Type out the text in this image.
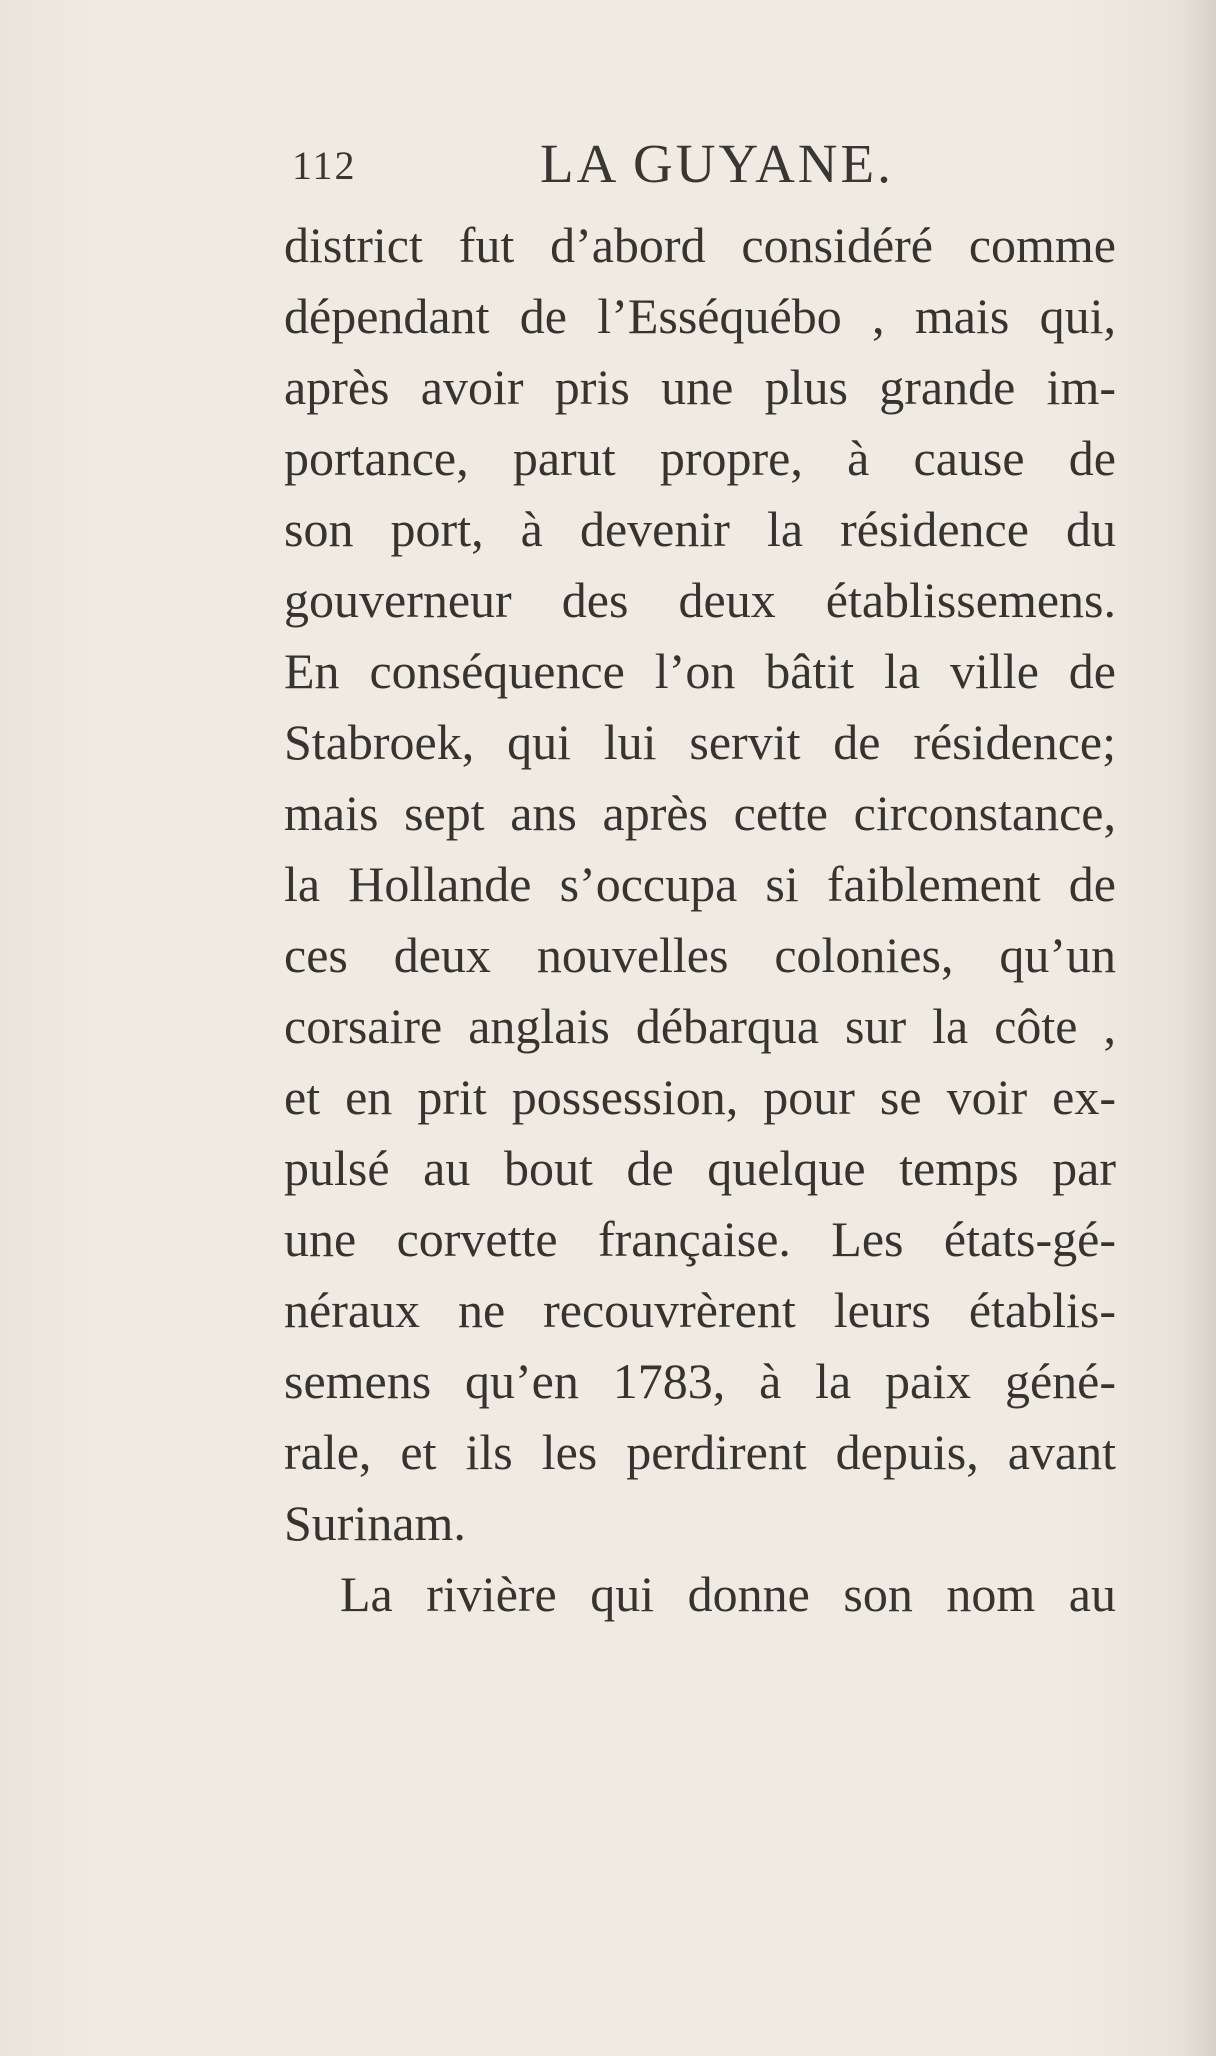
112	LA GUYANE.
district fut d’abord considéré comme
dépendant de l’Esséquébo , mais qui,
après avoir pris une plus grande im-
portance, parut propre, à cause de
son port, à devenir la résidence du
gouverneur des deux établissemens.
En conséquence l’on bâtit la ville de
Stabroek, qui lui servit de résidence;
mais sept ans après cette circonstance,
la Hollande s’occupa si faiblement de
ces deux nouvelles colonies, qu’un
corsaire anglais débarqua sur la côte ,
et en prit possession, pour se voir ex-
pulsé au bout de quelque temps par
une corvette française. Les états-gé-
néraux ne recouvrèrent leurs établis-
semens qu’en 1783, à la paix géné-
rale, et ils les perdirent depuis, avant
Surinam.
La rivière qui donne son nom au
